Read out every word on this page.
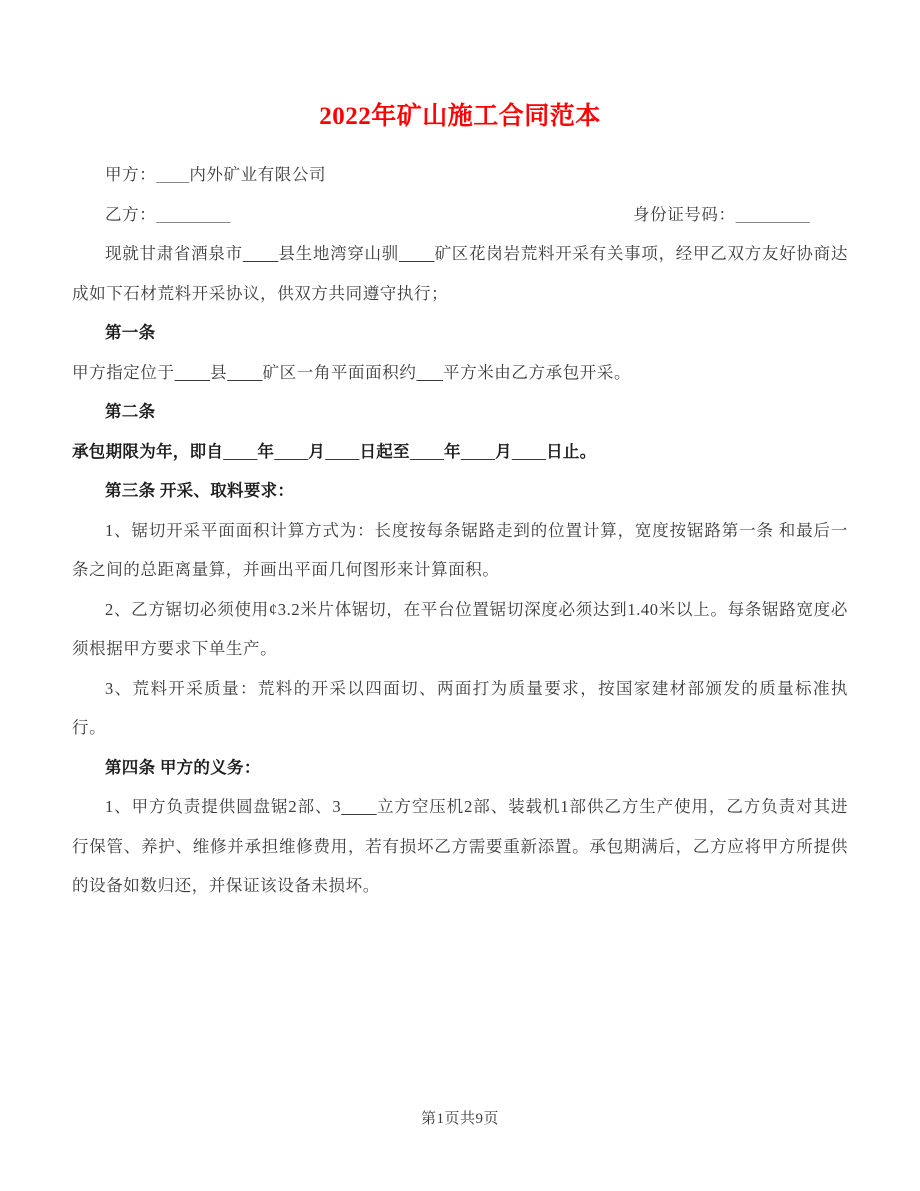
2022年矿山施工合同范本

甲方： 内外矿业有限公司

乙方：	身份证号码：

现就甘肃省酒泉市 县生地湾穿山驯 矿区花岗岩荒料开采有关事项，经甲乙双方友好协商达成如下石材荒料开采协议，供双方共同遵守执行；

第一条

甲方指定位于 县 矿区一角平面面积约 平方米由乙方承包开采。

第二条

承包期限为年，即自 年 月 日起至 年 月 日止。

第三条 开采、取料要求：

1、锯切开采平面面积计算方式为：长度按每条锯路走到的位置计算，宽度按锯路第一条 和最后一条之间的总距离量算，并画出平面几何图形来计算面积。

2、乙方锯切必须使用¢3.2米片体锯切，在平台位置锯切深度必须达到1.40米以上。每条锯路宽度必须根据甲方要求下单生产。

3、荒料开采质量：荒料的开采以四面切、两面打为质量要求，按国家建材部颁发的质量标准执行。

第四条 甲方的义务：

1、甲方负责提供圆盘锯2部、3 立方空压机2部、装载机1部供乙方生产使用，乙方负责对其进行保管、养护、维修并承担维修费用，若有损坏乙方需要重新添置。承包期满后，乙方应将甲方所提供的设备如数归还，并保证该设备未损坏。

第1页共9页
